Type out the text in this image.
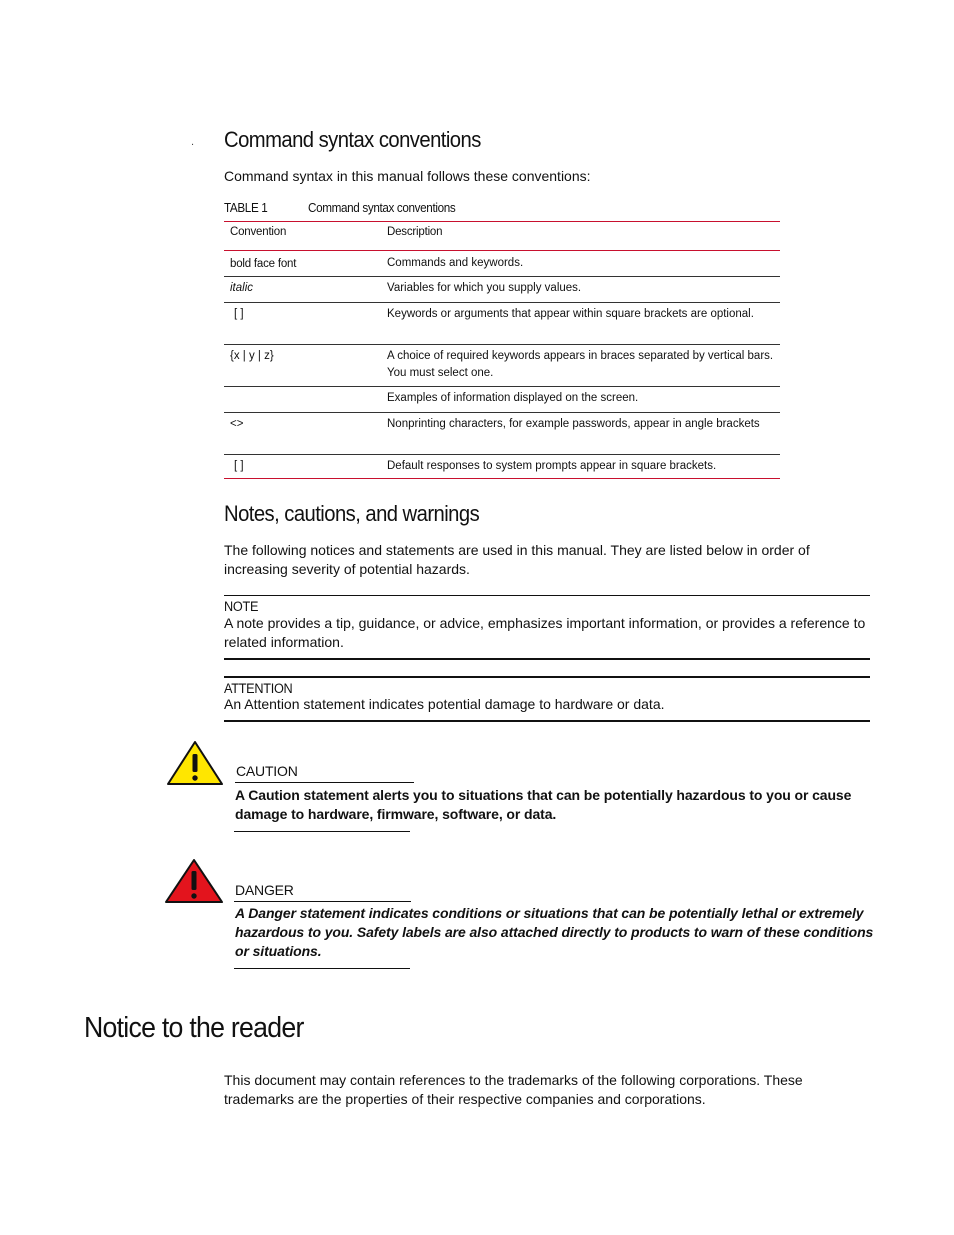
. Command syntax conventions
Command syntax in this manual follows these conventions:
TABLE 1	Command syntax conventions
Convention	Description
bold face font	Commands and keywords.
italic	Variables for which you supply values.
[ ]	Keywords or arguments that appear within square brackets are optional.
{x | y | z}	A choice of required keywords appears in braces separated by vertical bars. You must select one.
	Examples of information displayed on the screen.
<>	Nonprinting characters, for example passwords, appear in angle brackets
[ ]	Default responses to system prompts appear in square brackets.
Notes, cautions, and warnings
The following notices and statements are used in this manual. They are listed below in order of increasing severity of potential hazards.
NOTE
A note provides a tip, guidance, or advice, emphasizes important information, or provides a reference to related information.
ATTENTION
An Attention statement indicates potential damage to hardware or data.
CAUTION
A Caution statement alerts you to situations that can be potentially hazardous to you or cause damage to hardware, firmware, software, or data.
DANGER
A Danger statement indicates conditions or situations that can be potentially lethal or extremely hazardous to you. Safety labels are also attached directly to products to warn of these conditions or situations.
Notice to the reader
This document may contain references to the trademarks of the following corporations. These trademarks are the properties of their respective companies and corporations.
